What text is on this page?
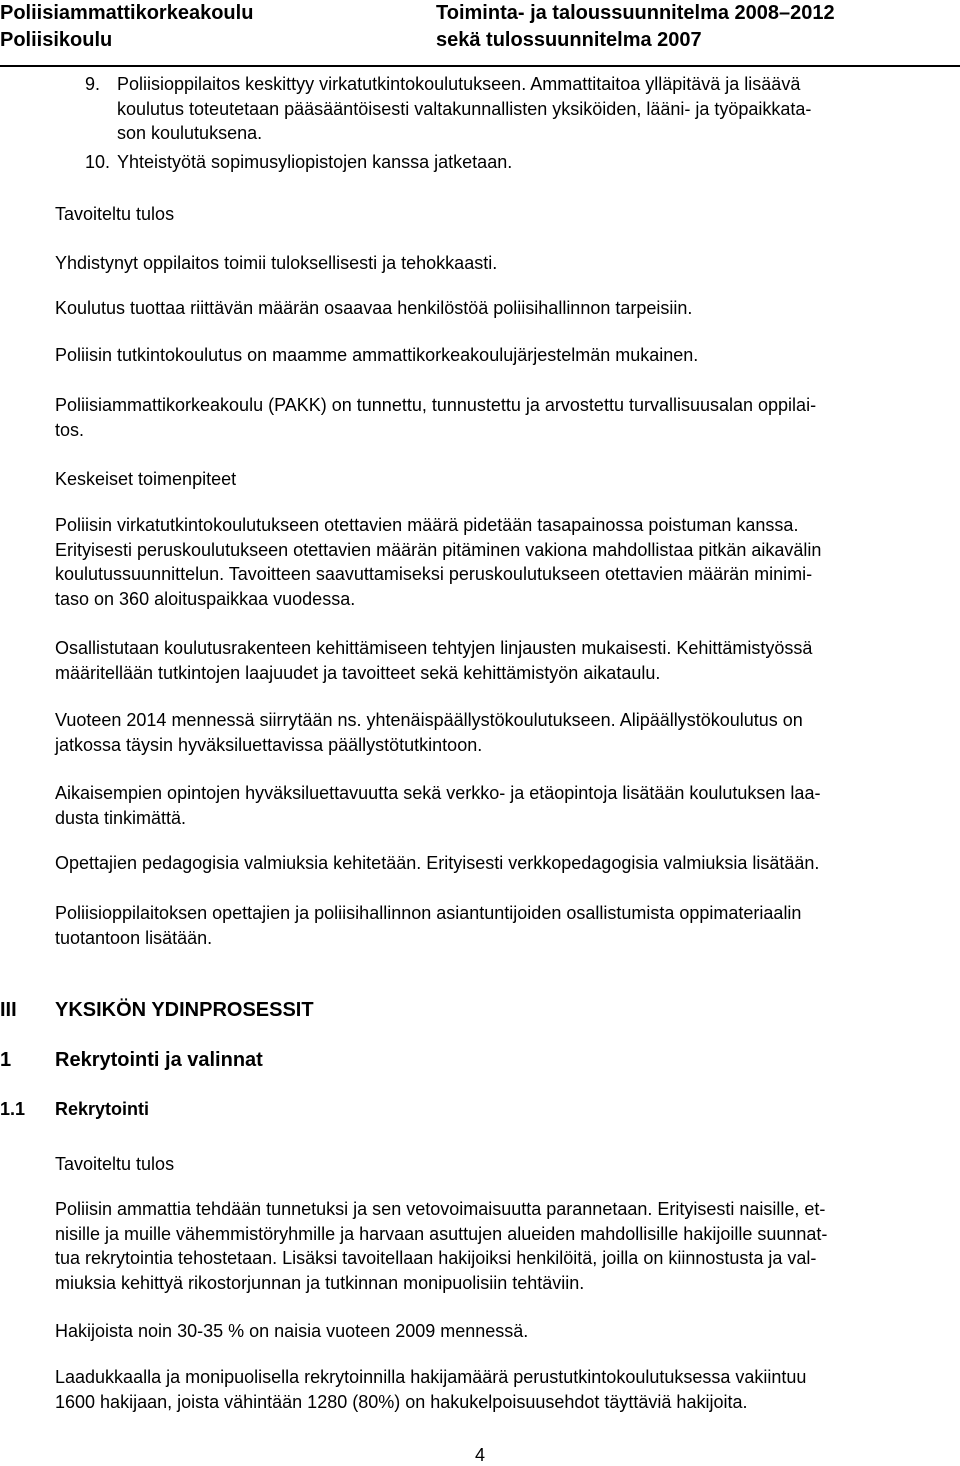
Poliisiammattikorkeakoulu
Poliisikoulu
Toiminta- ja taloussuunnitelma 2008–2012
sekä tulossuunnitelma 2007
9. Poliisioppilaitos keskittyy virkatutkintokoulutukseen. Ammattitaitoa ylläpitävä ja lisäävä
koulutus toteutetaan pääsääntöisesti valtakunnallisten yksiköiden, lääni- ja työpaikkata-
son koulutuksena.
10. Yhteistyötä sopimusyliopistojen kanssa jatketaan.
Tavoiteltu tulos
Yhdistynyt oppilaitos toimii tuloksellisesti ja tehokkaasti.
Koulutus tuottaa riittävän määrän osaavaa henkilöstöä poliisihallinnon tarpeisiin.
Poliisin tutkintokoulutus on maamme ammattikorkeakoulujärjestelmän mukainen.
Poliisiammattikorkeakoulu (PAKK) on tunnettu, tunnustettu ja arvostettu turvallisuusalan oppilai-
tos.
Keskeiset toimenpiteet
Poliisin virkatutkintokoulutukseen otettavien määrä pidetään tasapainossa poistuman kanssa.
Erityisesti peruskoulutukseen otettavien määrän pitäminen vakiona mahdollistaa pitkän aikavälin
koulutussuunnittelun. Tavoitteen saavuttamiseksi peruskoulutukseen otettavien määrän minimi-
taso on 360 aloituspaikkaa vuodessa.
Osallistutaan koulutusrakenteen kehittämiseen tehtyjen linjausten mukaisesti. Kehittämistyössä
määritellään tutkintojen laajuudet ja tavoitteet sekä kehittämistyön aikataulu.
Vuoteen 2014 mennessä siirrytään ns. yhtenäispäällystökoulutukseen. Alipäällystökoulutus on
jatkossa täysin hyväksiluettavissa päällystötutkintoon.
Aikaisempien opintojen hyväksiluettavuutta sekä verkko- ja etäopintoja lisätään koulutuksen laa-
dusta tinkimättä.
Opettajien pedagogisia valmiuksia kehitetään. Erityisesti verkkopedagogisia valmiuksia lisätään.
Poliisioppilaitoksen opettajien ja poliisihallinnon asiantuntijoiden osallistumista oppimateriaalin
tuotantoon lisätään.
III YKSIKÖN YDINPROSESSIT
1 Rekrytointi ja valinnat
1.1 Rekrytointi
Tavoiteltu tulos
Poliisin ammattia tehdään tunnetuksi ja sen vetovoimaisuutta parannetaan. Erityisesti naisille, et-
nisille ja muille vähemmistöryhmille ja harvaan asuttujen alueiden mahdollisille hakijoille suunnat-
tua rekrytointia tehostetaan. Lisäksi tavoitellaan hakijoiksi henkilöitä, joilla on kiinnostusta ja val-
miuksia kehittyä rikostorjunnan ja tutkinnan monipuolisiin tehtäviin.
Hakijoista noin 30-35 % on naisia vuoteen 2009 mennessä.
Laadukkaalla ja monipuolisella rekrytoinnilla hakijamäärä perustutkintokoulutuksessa vakiintuu
1600 hakijaan, joista vähintään 1280 (80%) on hakukelpoisuusehdot täyttäviä hakijoita.
4
